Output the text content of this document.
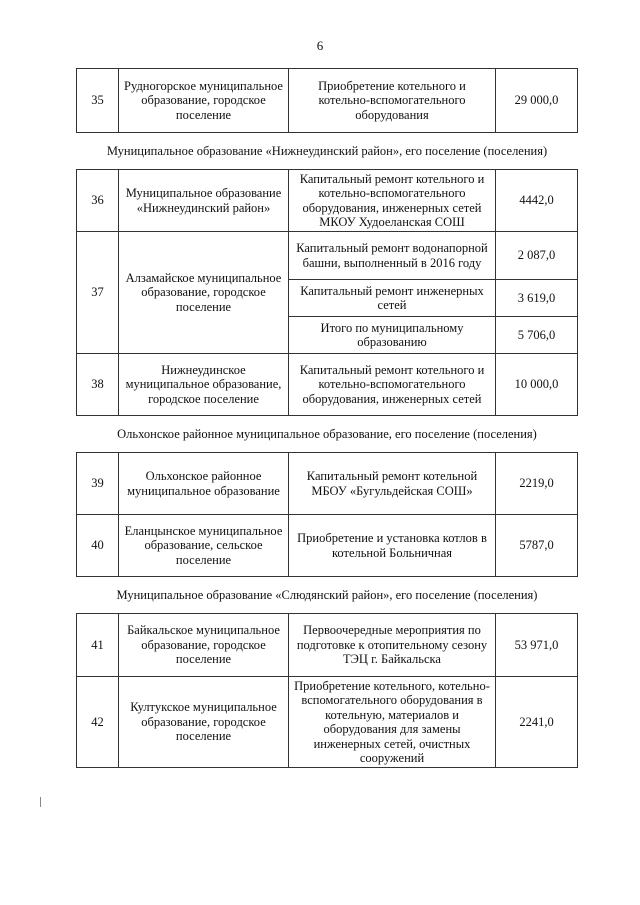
6
35	Рудногорское муниципальное образование, городское поселение	Приобретение котельного и котельно-вспомогательного оборудования	29 000,0
Муниципальное образование «Нижнеудинский район», его поселение (поселения)			
36	Муниципальное образование «Нижнеудинский район»	Капитальный ремонт котельного и котельно-вспомогательного оборудования, инженерных сетей МКОУ Худоеланская СОШ	4442,0
37	Алзамайское муниципальное образование, городское поселение	Капитальный ремонт водонапорной башни, выполненный в 2016 году	2 087,0
		Капитальный ремонт инженерных сетей	3 619,0
		Итого по муниципальному образованию	5 706,0
38	Нижнеудинское муниципальное образование, городское поселение	Капитальный ремонт котельного и котельно-вспомогательного оборудования, инженерных сетей	10 000,0
Ольхонское районное муниципальное образование, его поселение (поселения)			
39	Ольхонское районное муниципальное образование	Капитальный ремонт котельной МБОУ «Бугульдейская СОШ»	2219,0
40	Еланцынское муниципальное образование, сельское поселение	Приобретение и установка котлов в котельной Больничная	5787,0
Муниципальное образование «Слюдянский район», его поселение (поселения)			
41	Байкальское муниципальное образование, городское поселение	Первоочередные мероприятия по подготовке к отопительному сезону ТЭЦ г. Байкальска	53 971,0
42	Култукское муниципальное образование, городское поселение	Приобретение котельного, котельно-вспомогательного оборудования в котельную, материалов и оборудования для замены инженерных сетей, очистных сооружений	2241,0
